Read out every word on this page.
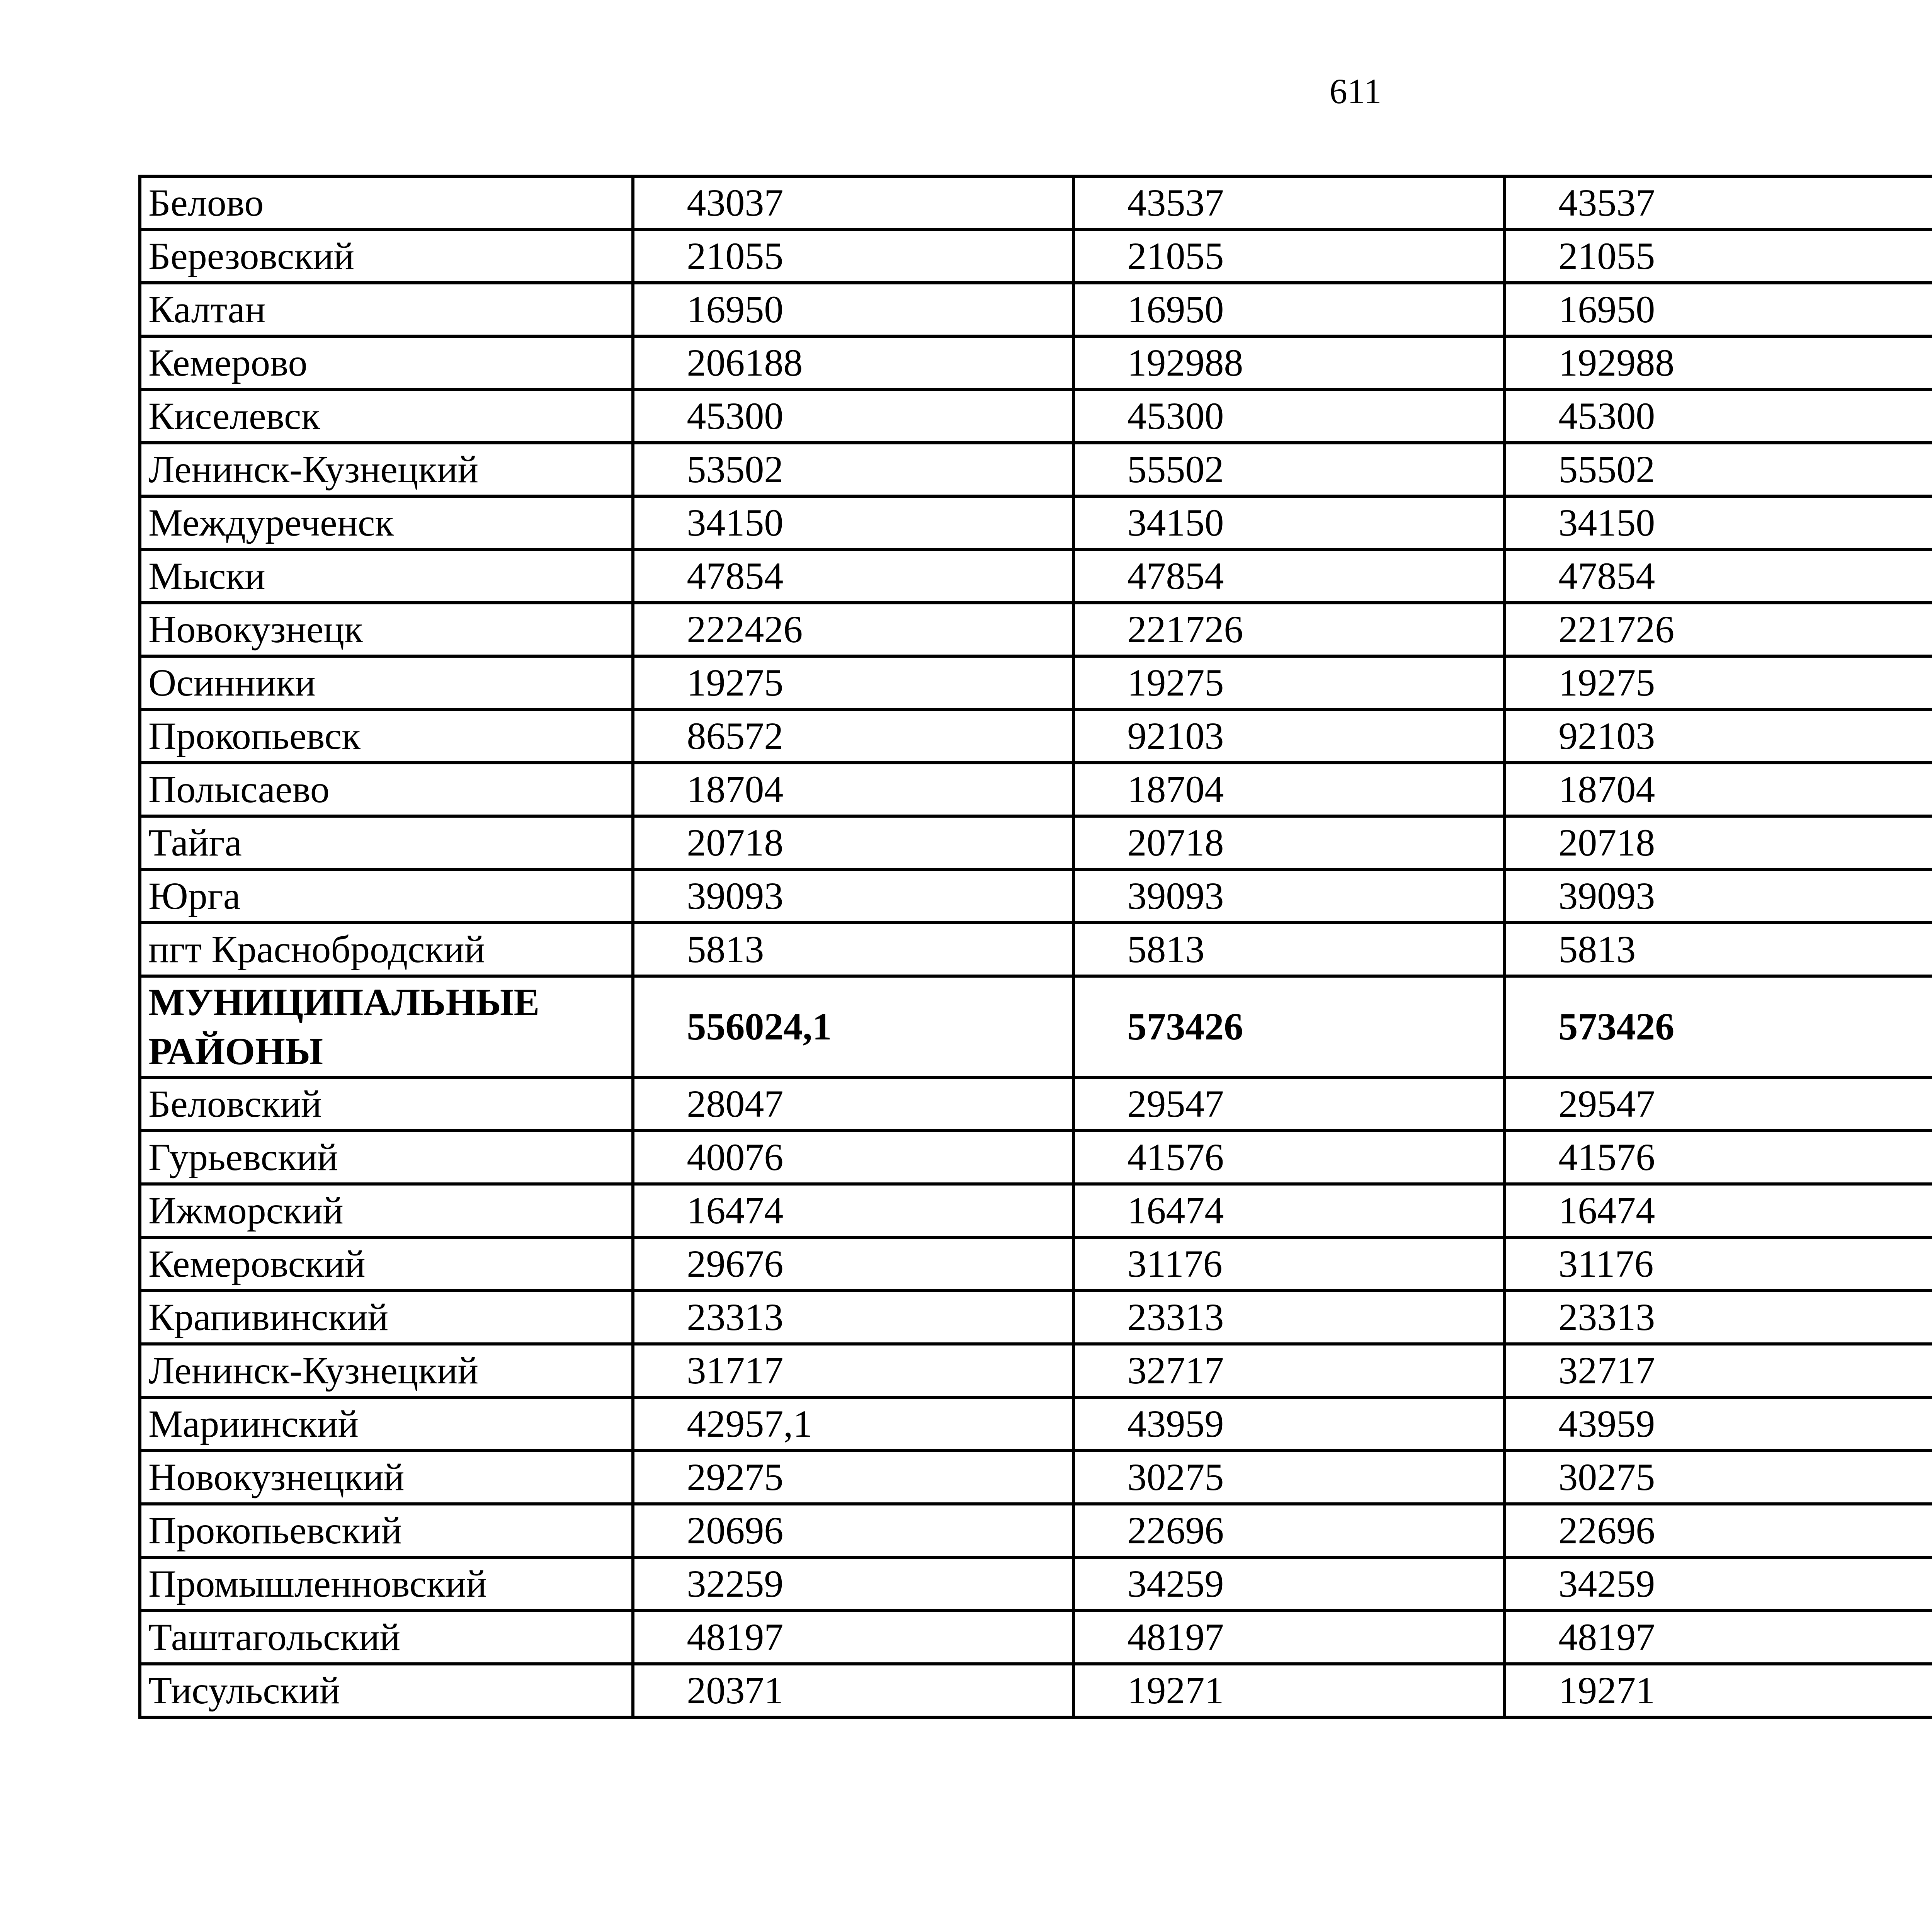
611
Белово	43037	43537	43537			
Березовский	21055	21055	21055			
Калтан	16950	16950	16950			
Кемерово	206188	192988	192988			
Киселевск	45300	45300	45300			
Ленинск-Кузнецкий	53502	55502	55502			
Междуреченск	34150	34150	34150			
Мыски	47854	47854	47854			
Новокузнецк	222426	221726	221726			
Осинники	19275	19275	19275			
Прокопьевск	86572	92103	92103			
Полысаево	18704	18704	18704			
Тайга	20718	20718	20718			
Юрга	39093	39093	39093			
пгт Краснобродский	5813	5813	5813			
МУНИЦИПАЛЬНЫЕ РАЙОНЫ	556024,1	573426	573426			
Беловский	28047	29547	29547			
Гурьевский	40076	41576	41576			
Ижморский	16474	16474	16474			
Кемеровский	29676	31176	31176			
Крапивинский	23313	23313	23313			
Ленинск-Кузнецкий	31717	32717	32717			
Мариинский	42957,1	43959	43959			
Новокузнецкий	29275	30275	30275			
Прокопьевский	20696	22696	22696			
Промышленновский	32259	34259	34259			
Таштагольский	48197	48197	48197			
Тисульский	20371	19271	19271			
